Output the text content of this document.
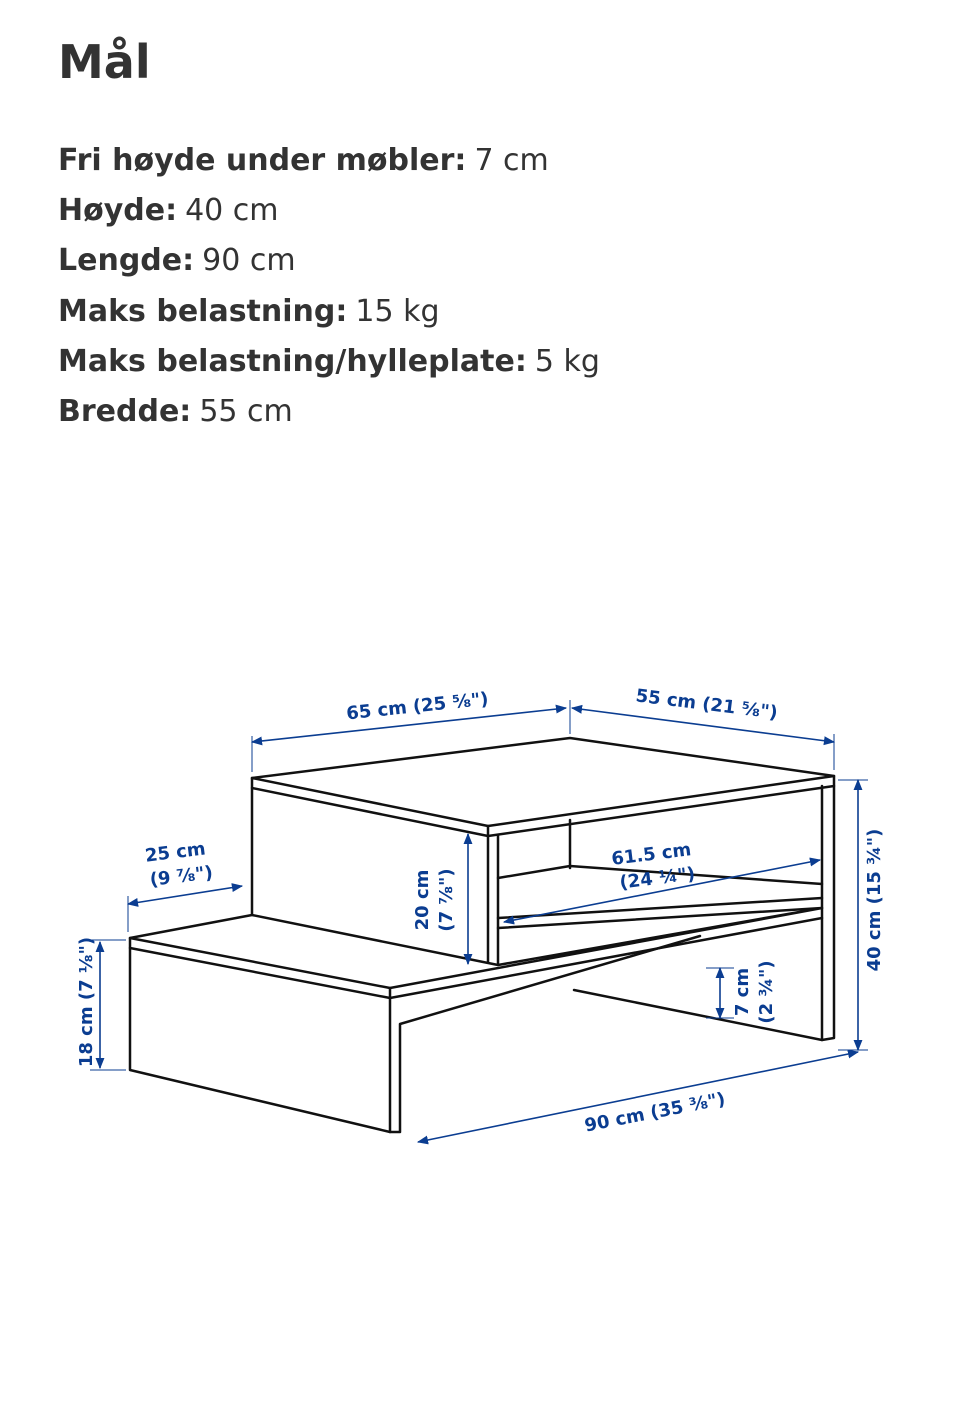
Mål
Fri høyde under møbler: 7 cm
Høyde: 40 cm
Lengde: 90 cm
Maks belastning: 15 kg
Maks belastning/hylleplate: 5 kg
Bredde: 55 cm
65 cm (25 ⅝")	55 cm (21 ⅝")
25 cm
(9 ⅞")
18 cm (7 ⅛")
20 cm (7 ⅞")
61.5 cm
(24 ¼")
7 cm (2 ¾")
40 cm (15 ¾")
90 cm (35 ⅜")
